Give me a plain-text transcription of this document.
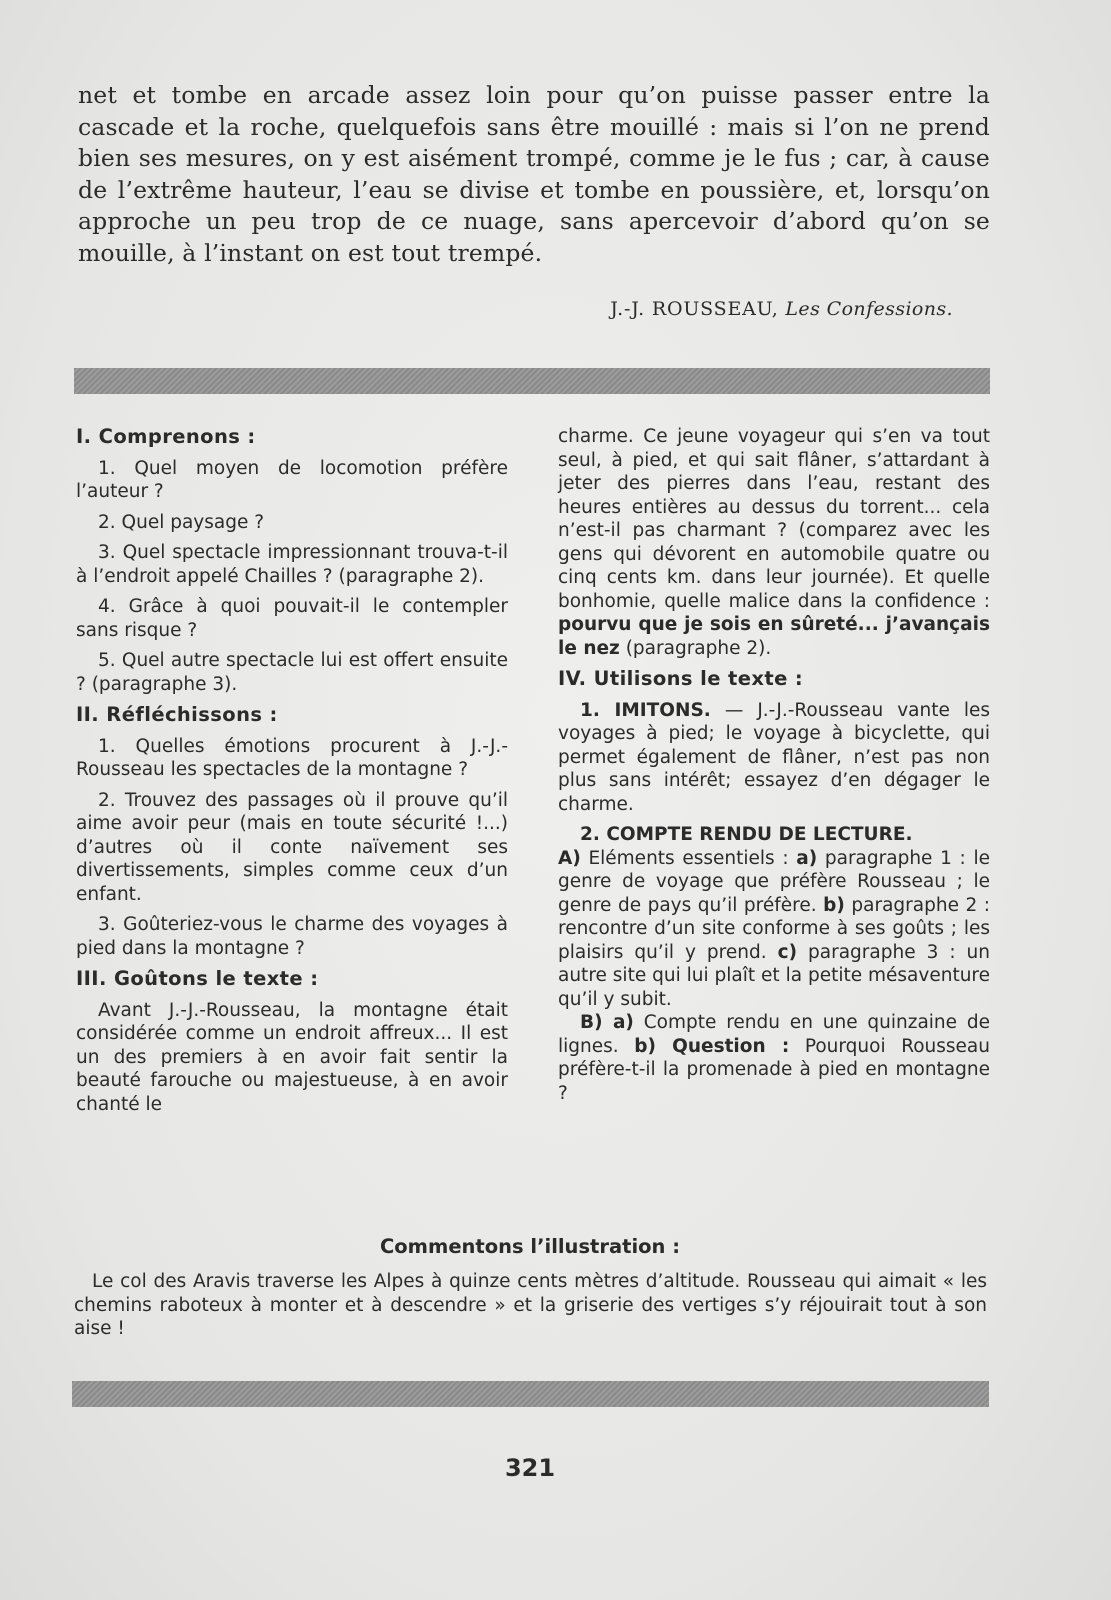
net et tombe en arcade assez loin pour qu’on puisse passer entre la cascade et la roche, quelquefois sans être mouillé : mais si l’on ne prend bien ses mesures, on y est aisément trompé, comme je le fus ; car, à cause de l’extrême hauteur, l’eau se divise et tombe en poussière, et, lorsqu’on approche un peu trop de ce nuage, sans apercevoir d’abord qu’on se mouille, à l’instant on est tout trempé.
J.-J. ROUSSEAU, Les Confessions.
I. Comprenons :

1. Quel moyen de locomotion préfère l’auteur ?

2. Quel paysage ?

3. Quel spectacle impressionnant trouva-t-il à l’endroit appelé Chailles ? (paragraphe 2).

4. Grâce à quoi pouvait-il le contempler sans risque ?

5. Quel autre spectacle lui est offert ensuite ? (paragraphe 3).

II. Réfléchissons :

1. Quelles émotions procurent à J.-J.-Rousseau les spectacles de la montagne ?

2. Trouvez des passages où il prouve qu’il aime avoir peur (mais en toute sécurité !...) d’autres où il conte naïvement ses divertissements, simples comme ceux d’un enfant.

3. Goûteriez-vous le charme des voyages à pied dans la montagne ?

III. Goûtons le texte :

Avant J.-J.-Rousseau, la montagne était considérée comme un endroit affreux... Il est un des premiers à en avoir fait sentir la beauté farouche ou majestueuse, à en avoir chanté le

charme. Ce jeune voyageur qui s’en va tout seul, à pied, et qui sait flâner, s’attardant à jeter des pierres dans l’eau, restant des heures entières au dessus du torrent... cela n’est-il pas charmant ? (comparez avec les gens qui dévorent en automobile quatre ou cinq cents km. dans leur journée). Et quelle bonhomie, quelle malice dans la confidence : pourvu que je sois en sûreté... j’avançais le nez (paragraphe 2).

IV. Utilisons le texte :

1. IMITONS. — J.-J.-Rousseau vante les voyages à pied; le voyage à bicyclette, qui permet également de flâner, n’est pas non plus sans intérêt; essayez d’en dégager le charme.

2. COMPTE RENDU DE LECTURE.

A) Eléments essentiels : a) paragraphe 1 : le genre de voyage que préfère Rousseau ; le genre de pays qu’il préfère. b) paragraphe 2 : rencontre d’un site conforme à ses goûts ; les plaisirs qu’il y prend. c) paragraphe 3 : un autre site qui lui plaît et la petite mésaventure qu’il y subit.

B) a) Compte rendu en une quinzaine de lignes. b) Question : Pourquoi Rousseau préfère-t-il la promenade à pied en montagne ?

Commentons l’illustration :
Le col des Aravis traverse les Alpes à quinze cents mètres d’altitude. Rousseau qui aimait « les chemins raboteux à monter et à descendre » et la griserie des vertiges s’y réjouirait tout à son aise !
321
